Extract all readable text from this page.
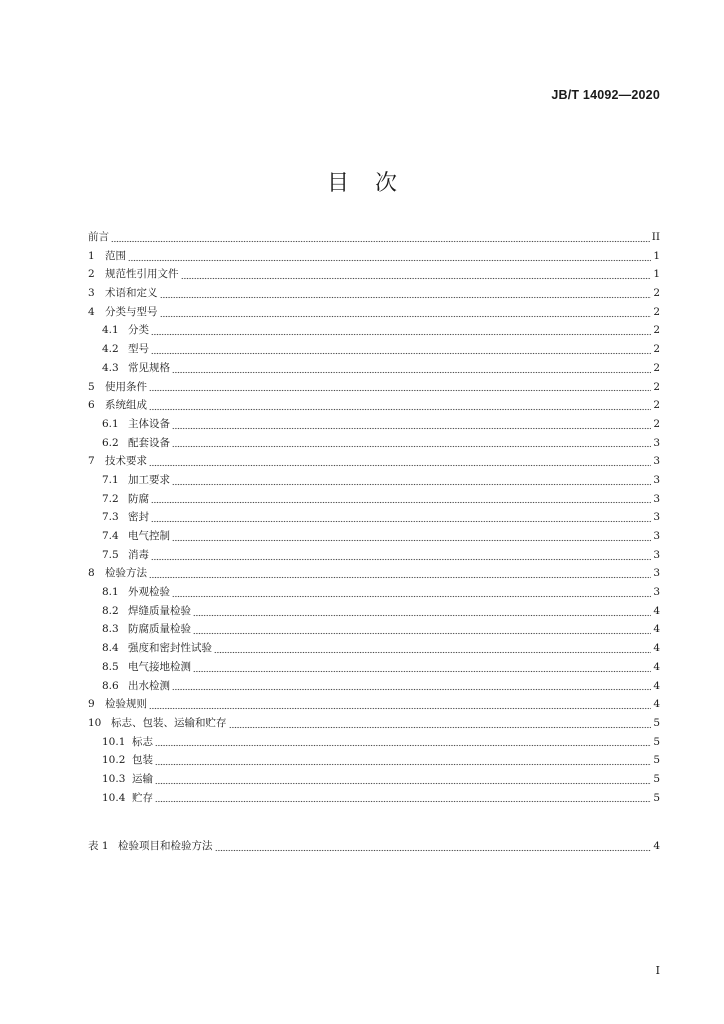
JB/T 14092—2020
目次
前言	II
1 范围	1
2 规范性引用文件	1
3 术语和定义	2
4 分类与型号	2
4.1 分类	2
4.2 型号	2
4.3 常见规格	2
5 使用条件	2
6 系统组成	2
6.1 主体设备	2
6.2 配套设备	3
7 技术要求	3
7.1 加工要求	3
7.2 防腐	3
7.3 密封	3
7.4 电气控制	3
7.5 消毒	3
8 检验方法	3
8.1 外观检验	3
8.2 焊缝质量检验	4
8.3 防腐质量检验	4
8.4 强度和密封性试验	4
8.5 电气接地检测	4
8.6 出水检测	4
9 检验规则	4
10 标志、包装、运输和贮存	5
10.1 标志	5
10.2 包装	5
10.3 运输	5
10.4 贮存	5
表 1 检验项目和检验方法	4
I
